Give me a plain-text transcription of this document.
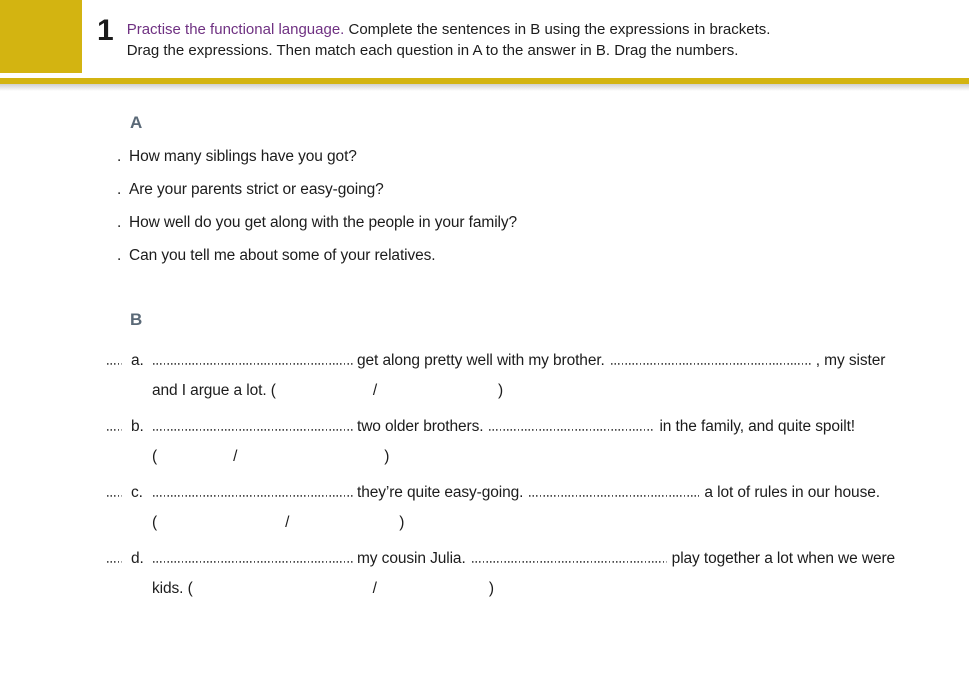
1 Practise the functional language. Complete the sentences in B using the expressions in brackets.
Drag the expressions. Then match each question in A to the answer in B. Drag the numbers.
A
. How many siblings have you got?
. Are your parents strict or easy-going?
. How well do you get along with the people in your family?
. Can you tell me about some of your relatives.
B
a.	get along pretty well with my brother.	, my sister
and I argue a lot. (	/	)
b.	two older brothers.	in the family, and quite spoilt!
(	/	)
c.	they’re quite easy-going.	a lot of rules in our house.
(	/	)
d.	my cousin Julia.	play together a lot when we were
kids. (	/	)
